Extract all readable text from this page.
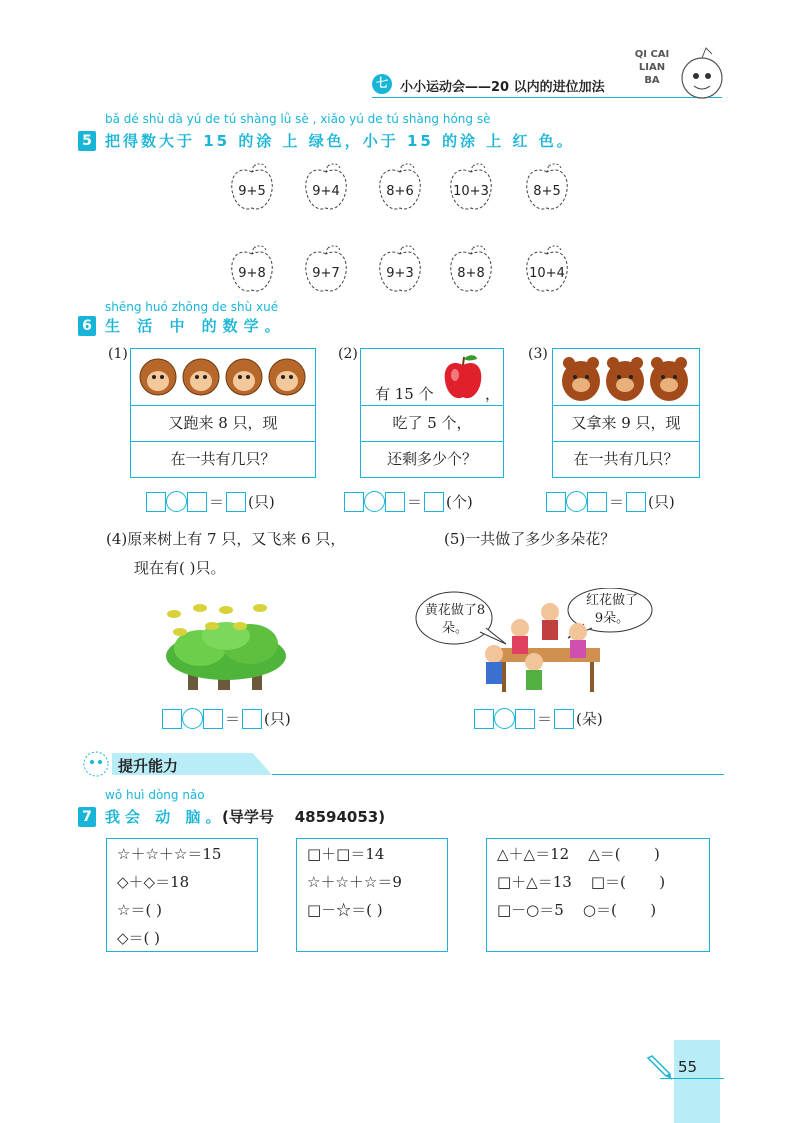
七 小小运动会——20 以内的进位加法
QI CAI LIAN BA
bǎ dé shù dà yú de tú shàng lǜ sè , xiǎo yú de tú shàng hóng sè
5 把得数大于 15 的涂 上 绿色，小于 15 的涂 上 红 色。
9+5	9+4	8+6	10+3	8+5
9+8	9+7	9+3	8+8	10+4
shēng huó zhōng de shù xué
6 生 活 中 的数学。
(1)
又跑来 8 只，现
在一共有几只？
(2)
有 15 个	，
吃了 5 个，
还剩多少个？
(3)
又拿来 9 只，现
在一共有几只？
＝ (只)	＝ (个)	＝ (只)
(4)原来树上有 7 只，又飞来 6 只，
现在有( )只。
(5)一共做了多少多朵花？
黄花做了8朵。
红花做了9朵。
＝ (只)	＝ (朵)
提升能力
wǒ huì dòng nǎo
7 我会 动 脑。
(导学号    48594053)
☆＋☆＋☆＝15
◇＋◇＝18
☆＝( )
◇＝( )
□＋□＝14
☆＋☆＋☆＝9
□－☆＝( )
△＋△＝12    △＝(       )
□＋△＝13    □＝(       )
□－○＝5    ○＝(       )
55
